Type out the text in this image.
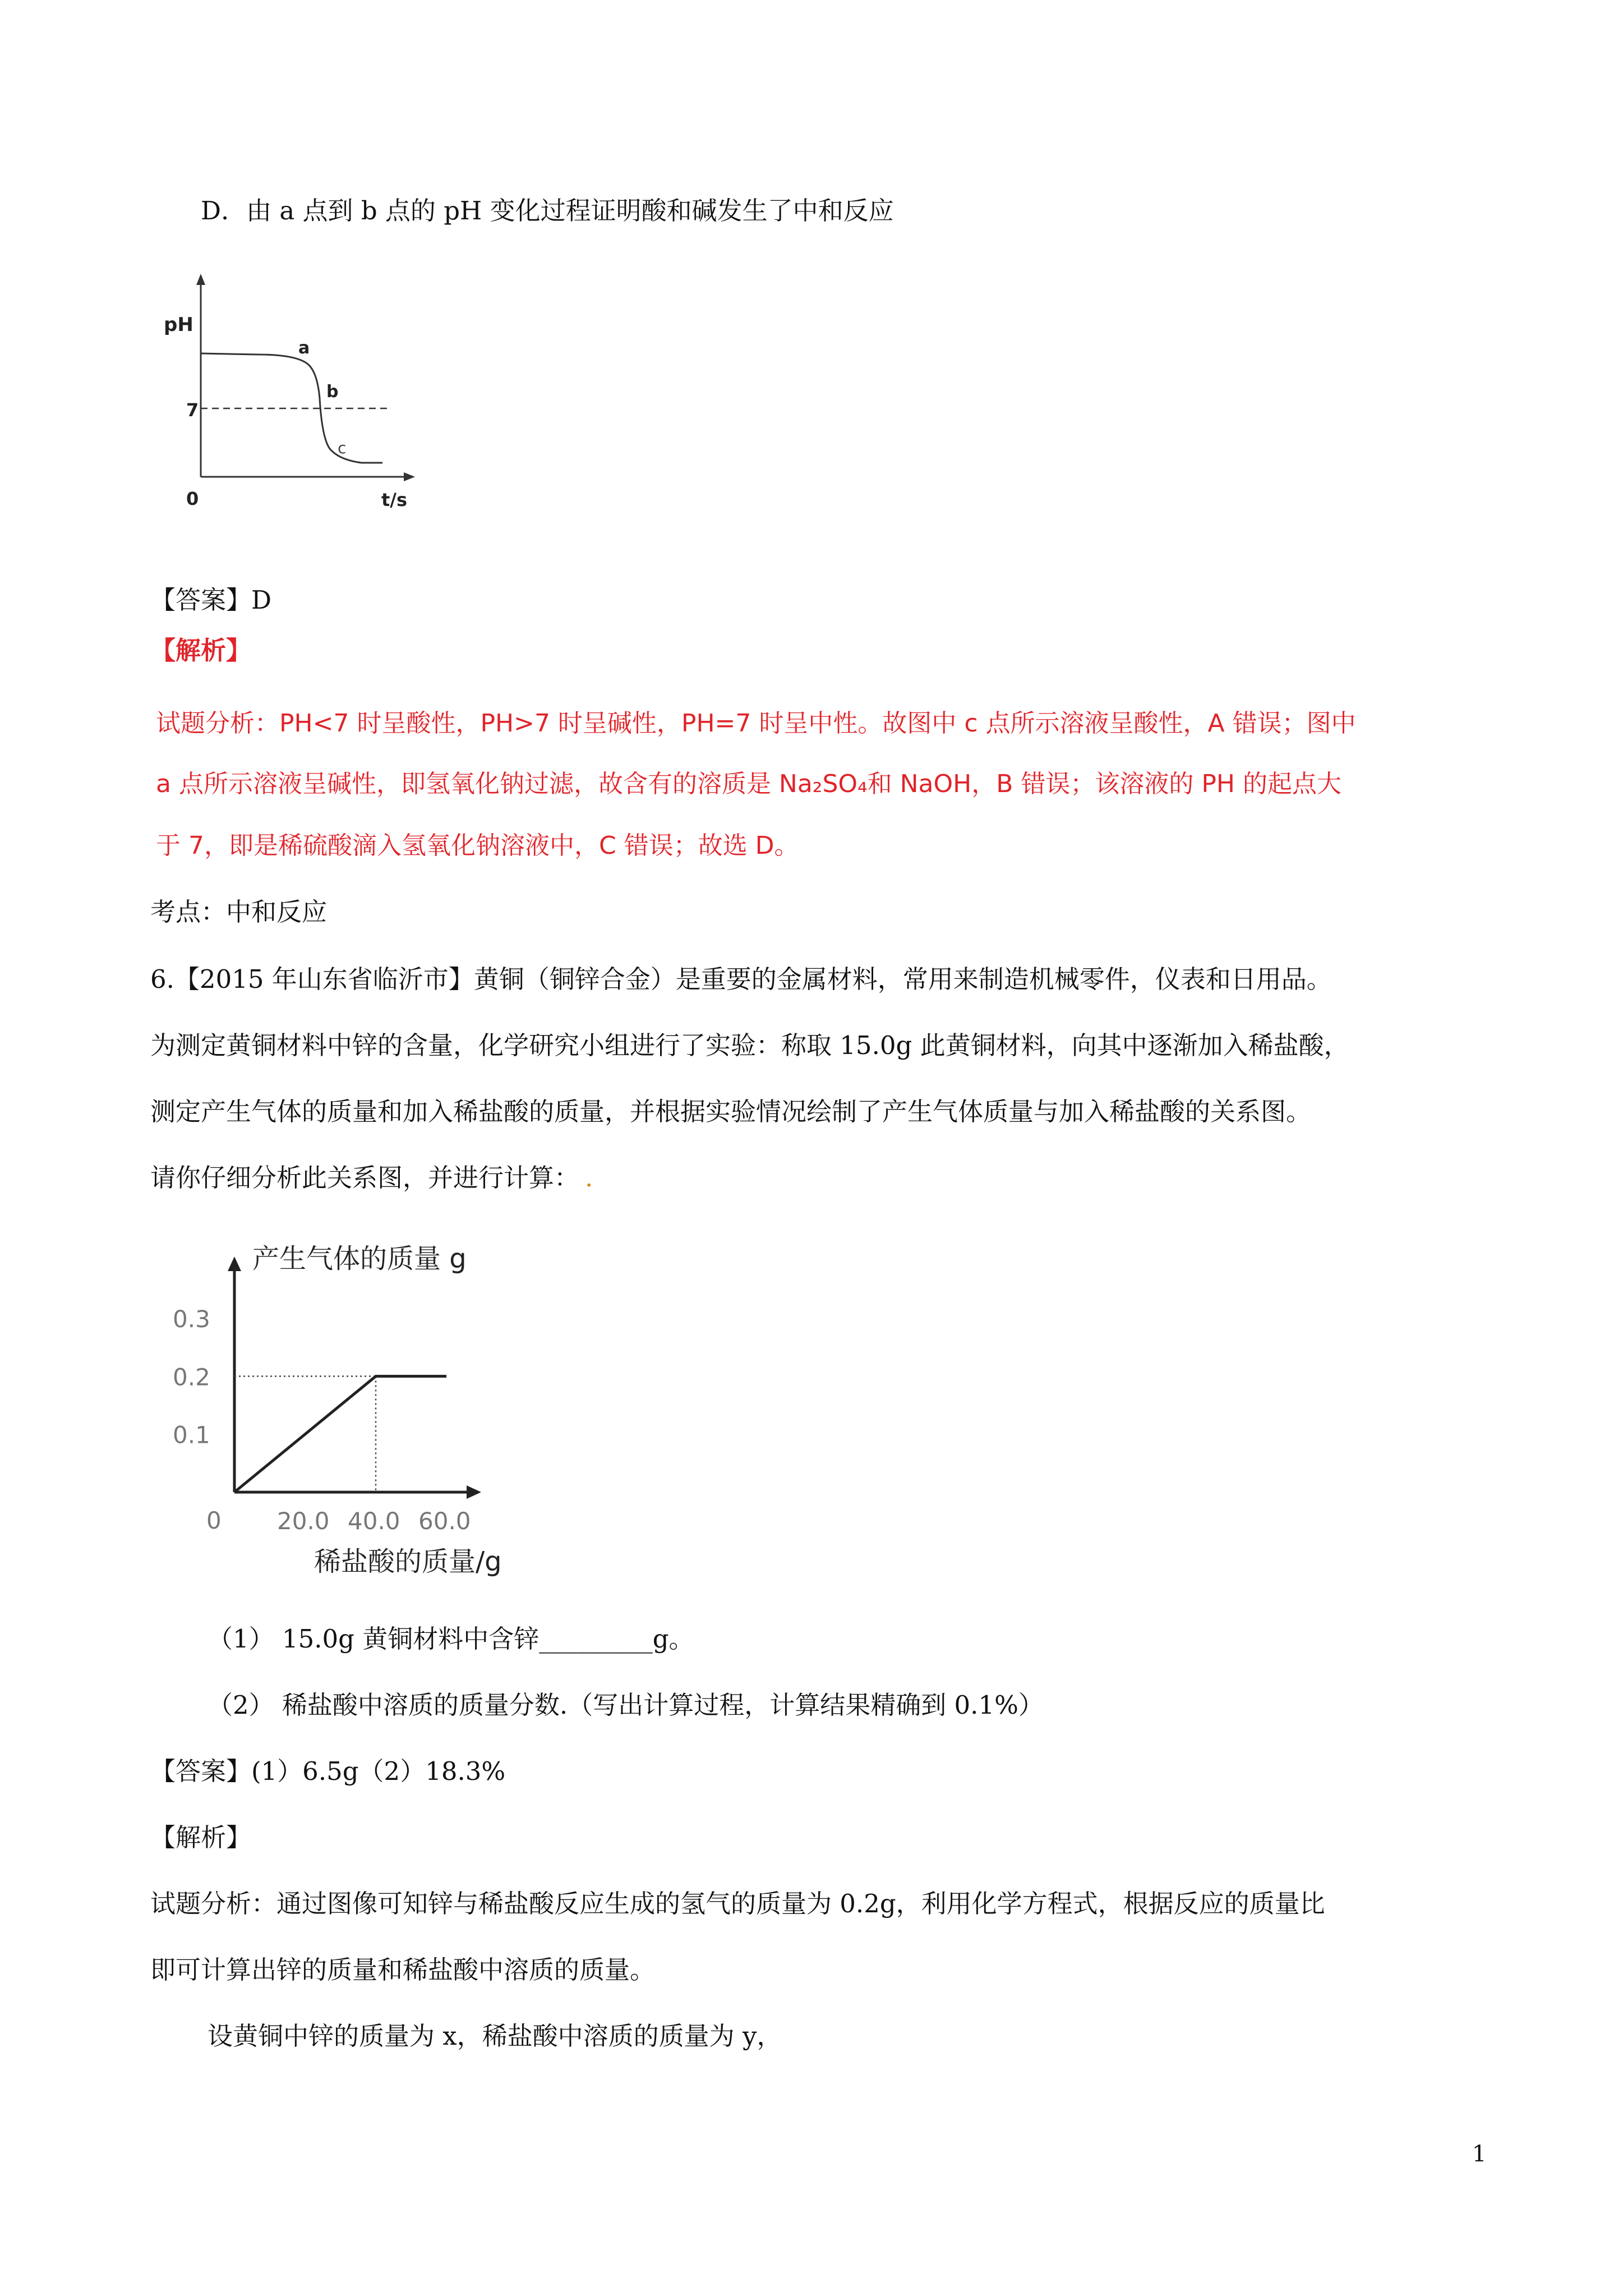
D．由 a 点到 b 点的 pH 变化过程证明酸和碱发生了中和反应
pH
7
0	t/s
a
b
c
【答案】D
【解析】
试题分析：PH<7 时呈酸性，PH>7 时呈碱性，PH=7 时呈中性。故图中 c 点所示溶液呈酸性，A 错误；图中
a 点所示溶液呈碱性，即氢氧化钠过滤，故含有的溶质是 Na₂SO₄和 NaOH，B 错误；该溶液的 PH 的起点大
于 7，即是稀硫酸滴入氢氧化钠溶液中，C 错误；故选 D。
考点：中和反应
6.【2015 年山东省临沂市】黄铜（铜锌合金）是重要的金属材料，常用来制造机械零件，仪表和日用品。
为测定黄铜材料中锌的含量，化学研究小组进行了实验：称取 15.0g 此黄铜材料，向其中逐渐加入稀盐酸，
测定产生气体的质量和加入稀盐酸的质量，并根据实验情况绘制了产生气体质量与加入稀盐酸的关系图。
请你仔细分析此关系图，并进行计算： .
0.1
0.2
0.3
20.0 40.0 60.0
产生气体的质量 g
稀盐酸的质量/g
0
（1） 15.0g 黄铜材料中含锌_________g。
（2） 稀盐酸中溶质的质量分数.（写出计算过程，计算结果精确到 0.1%）
【答案】(1）6.5g（2）18.3%
【解析】
试题分析：通过图像可知锌与稀盐酸反应生成的氢气的质量为 0.2g，利用化学方程式，根据反应的质量比
即可计算出锌的质量和稀盐酸中溶质的质量。
设黄铜中锌的质量为 x，稀盐酸中溶质的质量为 y，
1
